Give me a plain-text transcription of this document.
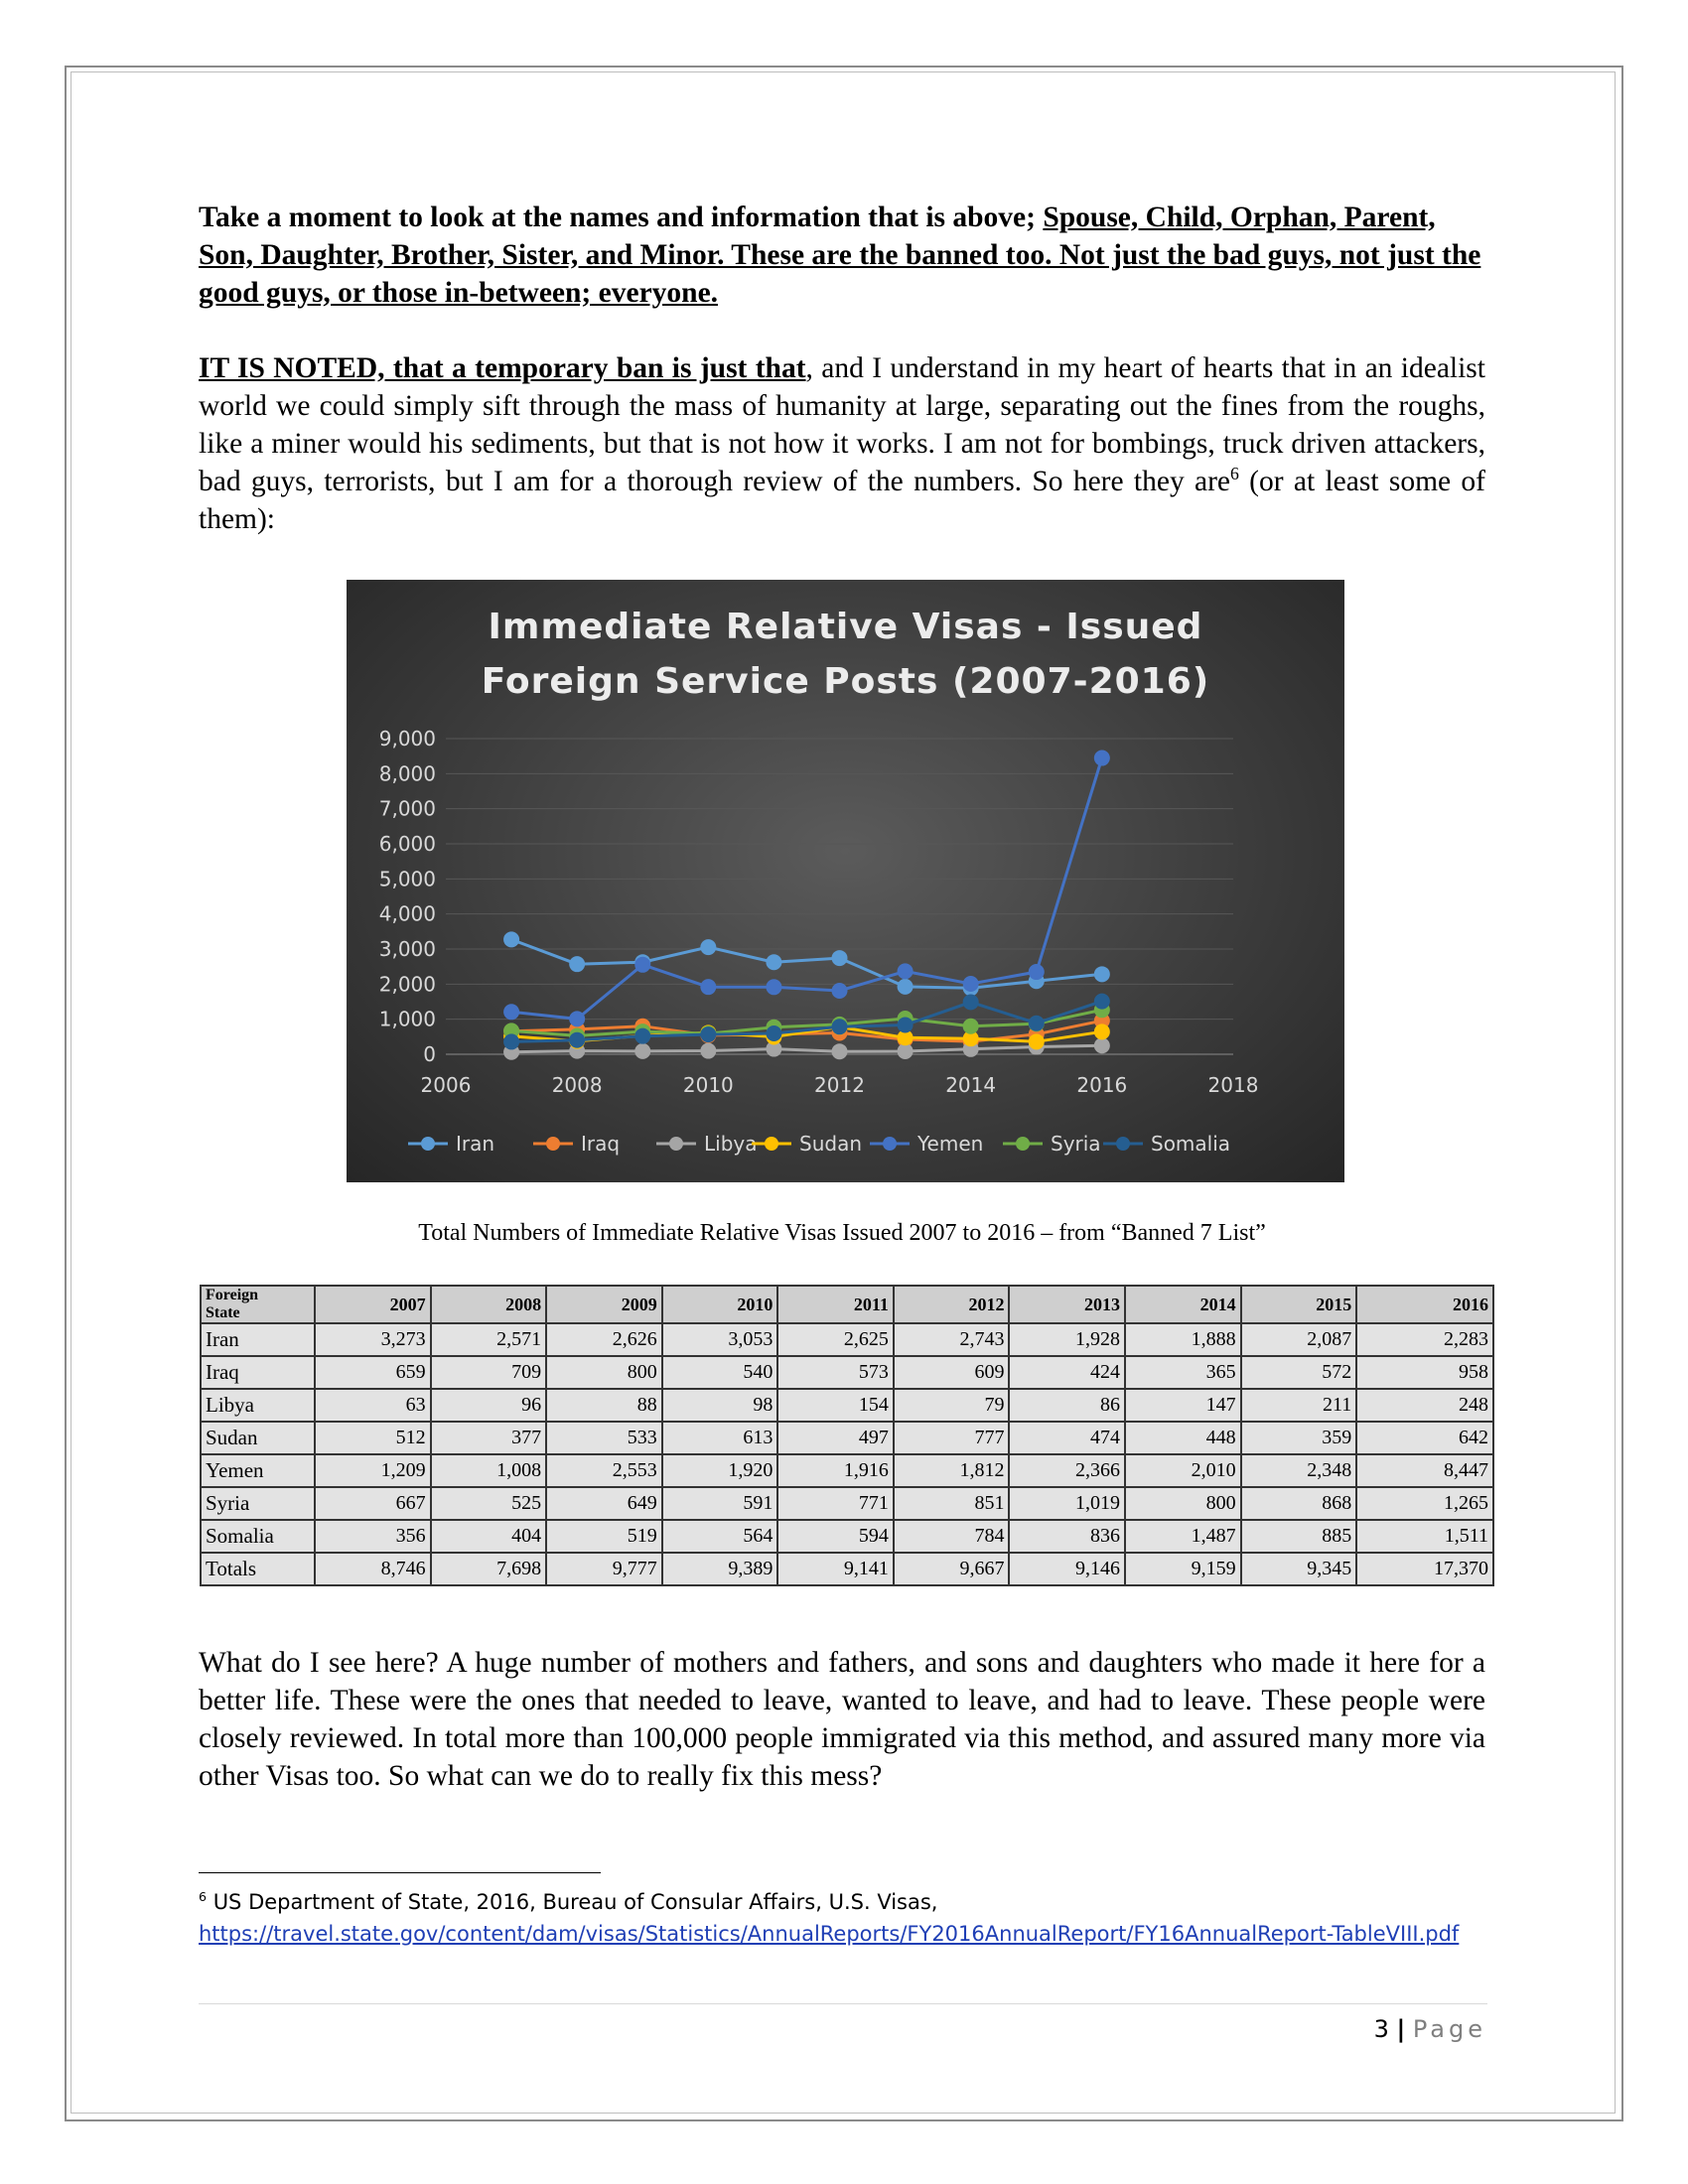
Take a moment to look at the names and information that is above; Spouse, Child, Orphan, Parent, Son, Daughter, Brother, Sister, and Minor. These are the banned too. Not just the bad guys, not just the good guys, or those in-between; everyone.

IT IS NOTED, that a temporary ban is just that, and I understand in my heart of hearts that in an idealist world we could simply sift through the mass of humanity at large, separating out the fines from the roughs, like a miner would his sediments, but that is not how it works. I am not for bombings, truck driven attackers, bad guys, terrorists, but I am for a thorough review of the numbers. So here they are$^6$ (or at least some of them):

Immediate Relative Visas - Issued
Foreign Service Posts (2007-2016)
0
1,000
2,000
3,000
4,000
5,000
6,000
7,000
8,000
9,000
2006	2008	2010	2012	2014	2016	2018
Iran	Iraq	Libya Sudan	Yemen	Syria	Somalia
Total Numbers of Immediate Relative Visas Issued 2007 to 2016 – from “Banned 7 List”
Foreign
State	2007	2008	2009	2010	2011	2012	2013	2014	2015	2016
Iran	3,273	2,571	2,626	3,053	2,625	2,743	1,928	1,888	2,087	2,283
Iraq	659	709	800	540	573	609	424	365	572	958
Libya	63	96	88	98	154	79	86	147	211	248
Sudan	512	377	533	613	497	777	474	448	359	642
Yemen	1,209	1,008	2,553	1,920	1,916	1,812	2,366	2,010	2,348	8,447
Syria	667	525	649	591	771	851	1,019	800	868	1,265
Somalia	356	404	519	564	594	784	836	1,487	885	1,511
Totals	8,746	7,698	9,777	9,389	9,141	9,667	9,146	9,159	9,345	17,370

What do I see here? A huge number of mothers and fathers, and sons and daughters who made it here for a better life. These were the ones that needed to leave, wanted to leave, and had to leave. These people were closely reviewed. In total more than 100,000 people immigrated via this method, and assured many more via other Visas too. So what can we do to really fix this mess?

$^6$ US Department of State, 2016, Bureau of Consular Affairs, U.S. Visas,
https://travel.state.gov/content/dam/visas/Statistics/AnnualReports/FY2016AnnualReport/FY16AnnualReport-TableVIII.pdf
3 | Page
